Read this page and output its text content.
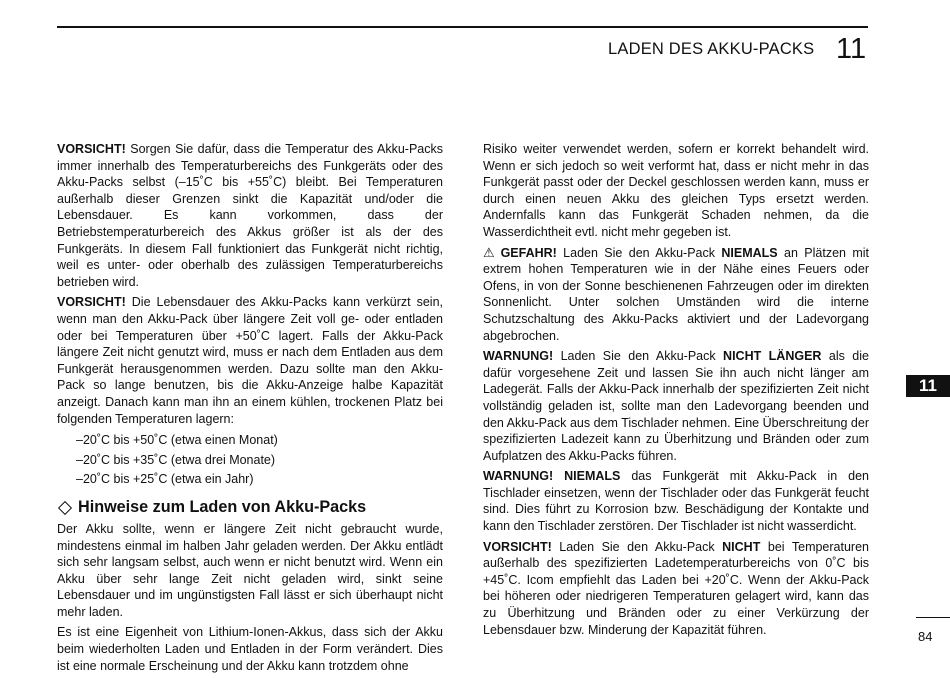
LADEN DES AKKU-PACKS 11

VORSICHT! Sorgen Sie dafür, dass die Temperatur des Akku-Packs immer innerhalb des Temperaturbereichs des Funkgeräts oder des Akku-Packs selbst (–15˚C bis +55˚C) bleibt. Bei Temperaturen außerhalb dieser Grenzen sinkt die Kapazität und/oder die Lebensdauer. Es kann vorkommen, dass der Betriebstemperaturbereich des Akkus größer ist als der des Funkgeräts. In diesem Fall funktioniert das Funkgerät nicht richtig, weil es unter- oder oberhalb des zulässigen Temperaturbereichs betrieben wird.

VORSICHT! Die Lebensdauer des Akku-Packs kann verkürzt sein, wenn man den Akku-Pack über längere Zeit voll ge- oder entladen oder bei Temperaturen über +50˚C lagert. Falls der Akku-Pack längere Zeit nicht genutzt wird, muss er nach dem Entladen aus dem Funkgerät herausgenommen werden. Dazu sollte man den Akku-Pack so lange benutzen, bis die Akku-Anzeige halbe Kapazität anzeigt. Danach kann man ihn an einem kühlen, trockenen Platz bei folgenden Temperaturen lagern:

–20˚C bis +50˚C (etwa einen Monat)
–20˚C bis +35˚C (etwa drei Monate)
–20˚C bis +25˚C (etwa ein Jahr)
Hinweise zum Laden von Akku-Packs

Der Akku sollte, wenn er längere Zeit nicht gebraucht wurde, mindestens einmal im halben Jahr geladen werden. Der Akku entlädt sich sehr langsam selbst, auch wenn er nicht benutzt wird. Wenn ein Akku über sehr lange Zeit nicht geladen wird, sinkt seine Lebensdauer und im ungünstigsten Fall lässt er sich überhaupt nicht mehr laden.

Es ist eine Eigenheit von Lithium-Ionen-Akkus, dass sich der Akku beim wiederholten Laden und Entladen in der Form verändert. Dies ist eine normale Erscheinung und der Akku kann trotzdem ohne

Risiko weiter verwendet werden, sofern er korrekt behandelt wird. Wenn er sich jedoch so weit verformt hat, dass er nicht mehr in das Funkgerät passt oder der Deckel geschlossen werden kann, muss er durch einen neuen Akku des gleichen Typs ersetzt werden. Andernfalls kann das Funkgerät Schaden nehmen, da die Wasserdichtheit evtl. nicht mehr gegeben ist.

⚠ GEFAHR! Laden Sie den Akku-Pack NIEMALS an Plätzen mit extrem hohen Temperaturen wie in der Nähe eines Feuers oder Ofens, in von der Sonne beschienenen Fahrzeugen oder im direkten Sonnenlicht. Unter solchen Umständen wird die interne Schutzschaltung des Akku-Packs aktiviert und der Ladevorgang abgebrochen.

WARNUNG! Laden Sie den Akku-Pack NICHT LÄNGER als die dafür vorgesehene Zeit und lassen Sie ihn auch nicht länger am Ladegerät. Falls der Akku-Pack innerhalb der spezifizierten Zeit nicht vollständig geladen ist, sollte man den Ladevorgang beenden und den Akku-Pack aus dem Tischlader nehmen. Eine Überschreitung der spezifizierten Ladezeit kann zu Überhitzung und Bränden oder zum Aufplatzen des Akku-Packs führen.

WARNUNG! NIEMALS das Funkgerät mit Akku-Pack in den Tischlader einsetzen, wenn der Tischlader oder das Funkgerät feucht sind. Dies führt zu Korrosion bzw. Beschädigung der Kontakte und kann den Tischlader zerstören. Der Tischlader ist nicht wasserdicht.

VORSICHT! Laden Sie den Akku-Pack NICHT bei Temperaturen außerhalb des spezifizierten Ladetemperaturbereichs von 0˚C bis +45˚C. Icom empfiehlt das Laden bei +20˚C. Wenn der Akku-Pack bei höheren oder niedrigeren Temperaturen gelagert wird, kann das zu Überhitzung und Bränden oder zu einer Verkürzung der Lebensdauer bzw. Minderung der Kapazität führen.

11
84
